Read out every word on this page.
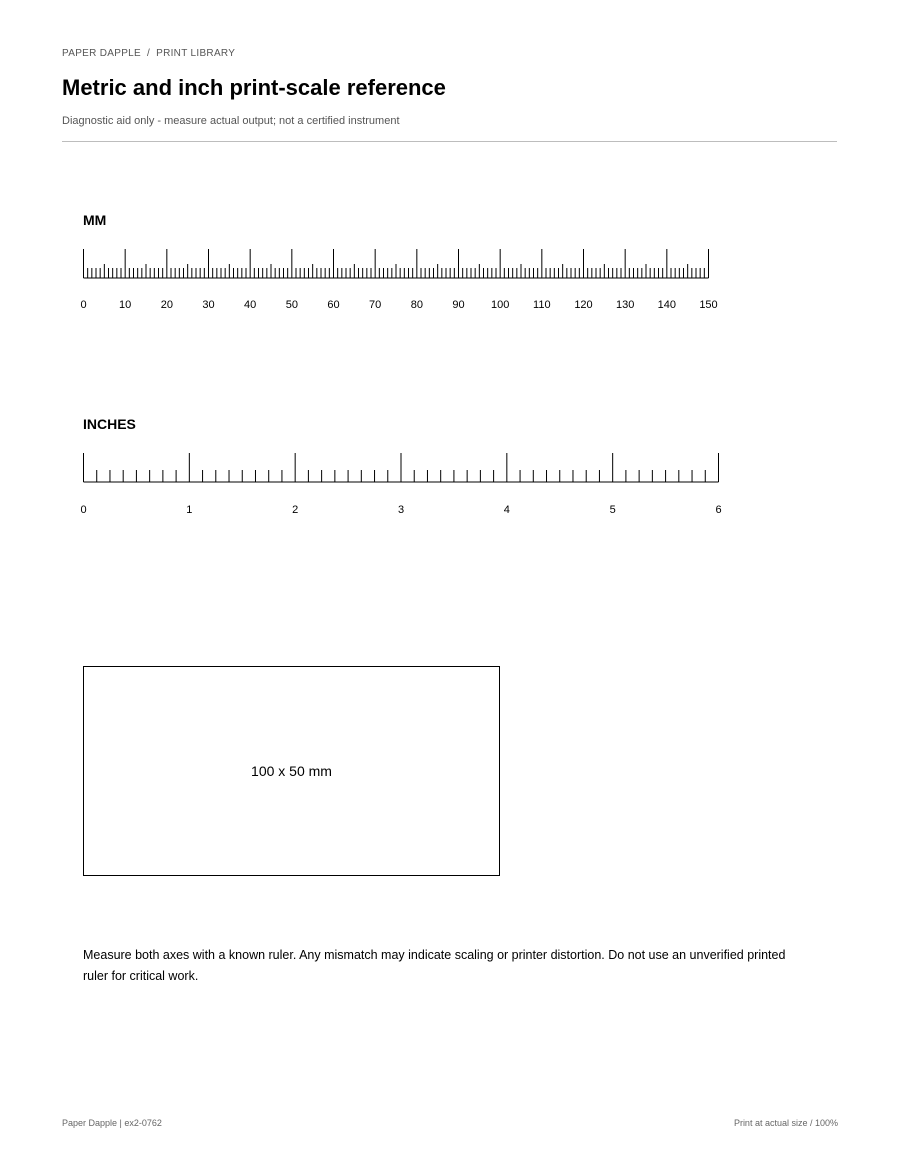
PAPER DAPPLE / PRINT LIBRARY
Metric and inch print-scale reference
Diagnostic aid only - measure actual output; not a certified instrument
MM
0	10	20	30	40	50	60	70	80	90 100 110 120 130 140 150
INCHES
0	1	2	3	4	5	6
100 x 50 mm
Measure both axes with a known ruler. Any mismatch may indicate scaling or printer distortion. Do not use an unverified printed ruler for critical work.
Paper Dapple | ex2-0762	Print at actual size / 100%
